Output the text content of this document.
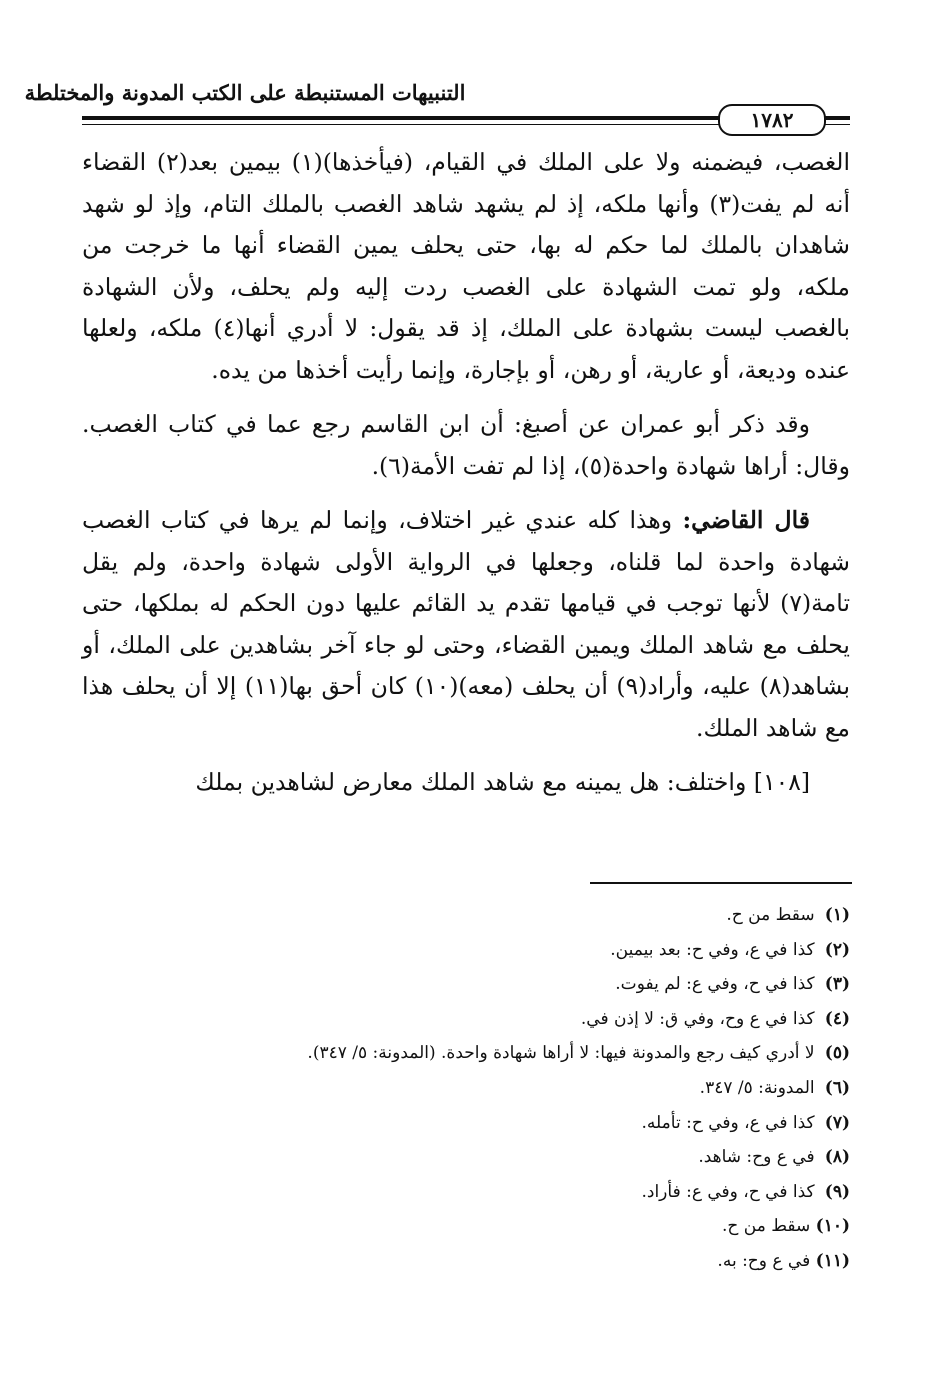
التنبيهات المستنبطة على الكتب المدونة والمختلطة
١٧٨٢

الغصب، فيضمنه ولا على الملك في القيام، (فيأخذها)(١) بيمين بعد(٢) القضاء أنه لم يفت(٣) وأنها ملكه، إذ لم يشهد شاهد الغصب بالملك التام، وإذ لو شهد شاهدان بالملك لما حكم له بها، حتى يحلف يمين القضاء أنها ما خرجت من ملكه، ولو تمت الشهادة على الغصب ردت إليه ولم يحلف، ولأن الشهادة بالغصب ليست بشهادة على الملك، إذ قد يقول: لا أدري أنها(٤) ملكه، ولعلها عنده وديعة، أو عارية، أو رهن، أو بإجارة، وإنما رأيت أخذها من يده.

وقد ذكر أبو عمران عن أصبغ: أن ابن القاسم رجع عما في كتاب الغصب. وقال: أراها شهادة واحدة(٥)، إذا لم تفت الأمة(٦).

قال القاضي: وهذا كله عندي غير اختلاف، وإنما لم يرها في كتاب الغصب شهادة واحدة لما قلناه، وجعلها في الرواية الأولى شهادة واحدة، ولم يقل تامة(٧) لأنها توجب في قيامها تقدم يد القائم عليها دون الحكم له بملكها، حتى يحلف مع شاهد الملك ويمين القضاء، وحتى لو جاء آخر بشاهدين على الملك، أو بشاهد(٨) عليه، وأراد(٩) أن يحلف (معه)(١٠) كان أحق بها(١١) إلا أن يحلف هذا مع شاهد الملك.

[١٠٨] واختلف: هل يمينه مع شاهد الملك معارض لشاهدين بملك

(١) سقط من ح.

(٢) كذا في ع، وفي ح: بعد بيمين.

(٣) كذا في ح، وفي ع: لم يفوت.

(٤) كذا في ع وح، وفي ق: لا إذن في.

(٥) لا أدري كيف رجع والمدونة فيها: لا أراها شهادة واحدة. (المدونة: ٥/ ٣٤٧).

(٦) المدونة: ٥/ ٣٤٧.

(٧) كذا في ع، وفي ح: تأمله.

(٨) في ع وح: شاهد.

(٩) كذا في ح، وفي ع: فأراد.

(١٠) سقط من ح.

(١١) في ع وح: به.
